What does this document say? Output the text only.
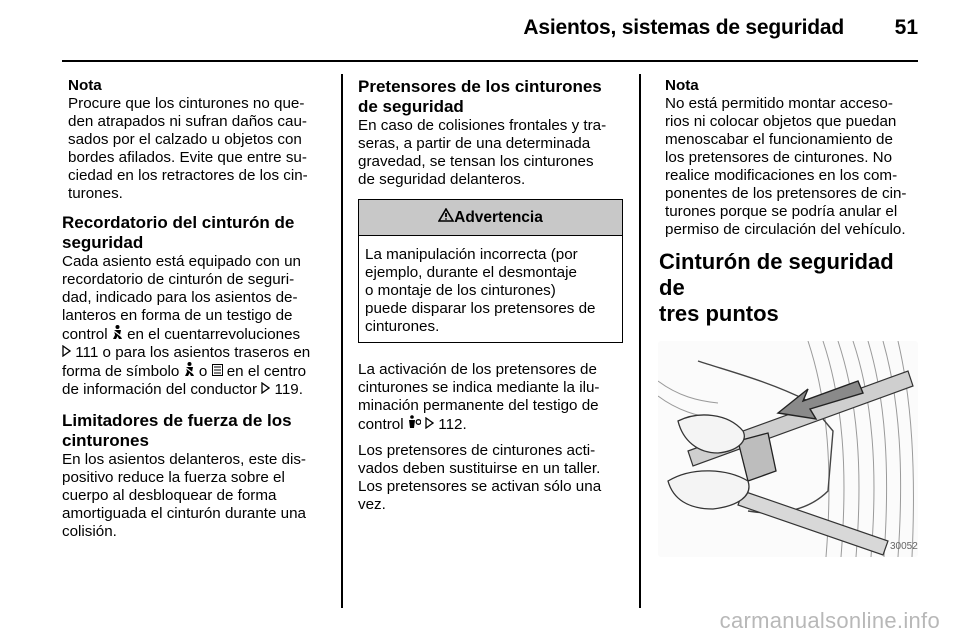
Asientos, sistemas de seguridad 51
Nota
Procure que los cinturones no que-
den atrapados ni sufran daños cau-
sados por el calzado u objetos con
bordes afilados. Evite que entre su-
ciedad en los retractores de los cin-
turones.
Recordatorio del cinturón de
seguridad
Cada asiento está equipado con un
recordatorio de cinturón de seguri-
dad, indicado para los asientos de-
lanteros en forma de un testigo de
control en el cuentarrevoluciones
111 o para los asientos traseros en
forma de símbolo o en el centro
de información del conductor 119.
Limitadores de fuerza de los
cinturones
En los asientos delanteros, este dis-
positivo reduce la fuerza sobre el
cuerpo al desbloquear de forma
amortiguada el cinturón durante una
colisión.
Pretensores de los cinturones
de seguridad
En caso de colisiones frontales y tra-
seras, a partir de una determinada
gravedad, se tensan los cinturones
de seguridad delanteros.
Advertencia
La manipulación incorrecta (por
ejemplo, durante el desmontaje
o montaje de los cinturones)
puede disparar los pretensores de
cinturones.
La activación de los pretensores de
cinturones se indica mediante la ilu-
minación permanente del testigo de
control 112.
Los pretensores de cinturones acti-
vados deben sustituirse en un taller.
Los pretensores se activan sólo una
vez.
Nota
No está permitido montar acceso-
rios ni colocar objetos que puedan
menoscabar el funcionamiento de
los pretensores de cinturones. No
realice modificaciones en los com-
ponentes de los pretensores de cin-
turones porque se podría anular el
permiso de circulación del vehículo.
Cinturón de seguridad de
tres puntos
30052
carmanualsonline.info
